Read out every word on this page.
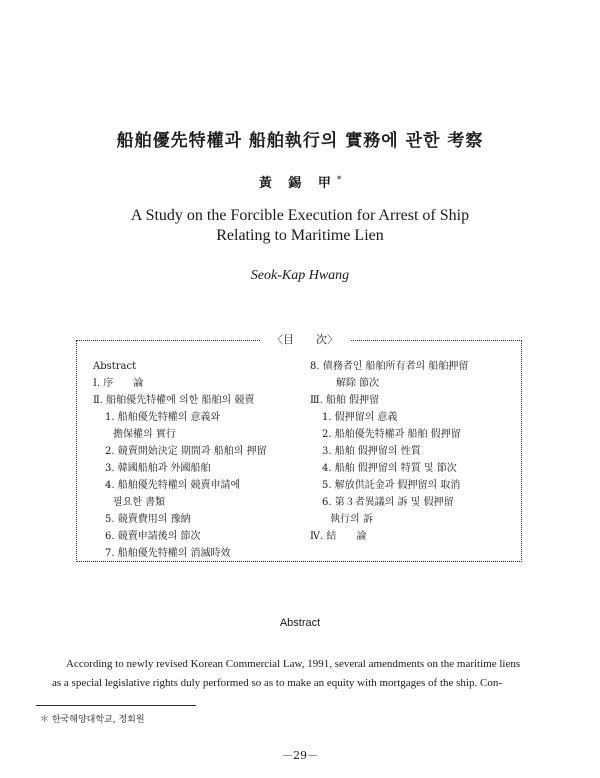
船舶優先特權과 船舶執行의 實務에 관한 考察
黃 錫 甲*
A Study on the Forcible Execution for Arrest of Ship
Relating to Maritime Lien
Seok-Kap Hwang
〈目　　次〉
Abstract
Ⅰ. 序　　論
Ⅱ. 船舶優先特權에 의한 船舶의 競賣
1. 船舶優先特權의 意義와
擔保權의 實行
2. 競賣開始決定 期間과 船舶의 押留
3. 韓國船舶과 外國船舶
4. 船舶優先特權의 競賣申請에
필요한 書類
5. 競賣費用의 豫納
6. 競賣申請後의 節次
7. 船舶優先特權의 消滅時效
8. 債務者인 船舶所有者의 船舶押留
解除 節次
Ⅲ. 船舶 假押留
1. 假押留의 意義
2. 船舶優先特權과 船舶 假押留
3. 船舶 假押留의 性質
4. 船舶 假押留의 特質 및 節次
5. 解放供託金과 假押留의 取消
6. 第３者異議의 訴 및 假押留
執行의 訴
Ⅳ. 結　　論
Abstract
According to newly revised Korean Commercial Law, 1991, several amendments on the maritime liens
as a special legislative rights duly performed so as to make an equity with mortgages of the ship. Con-
＊ 한국해양대학교, 정회원
－29－
